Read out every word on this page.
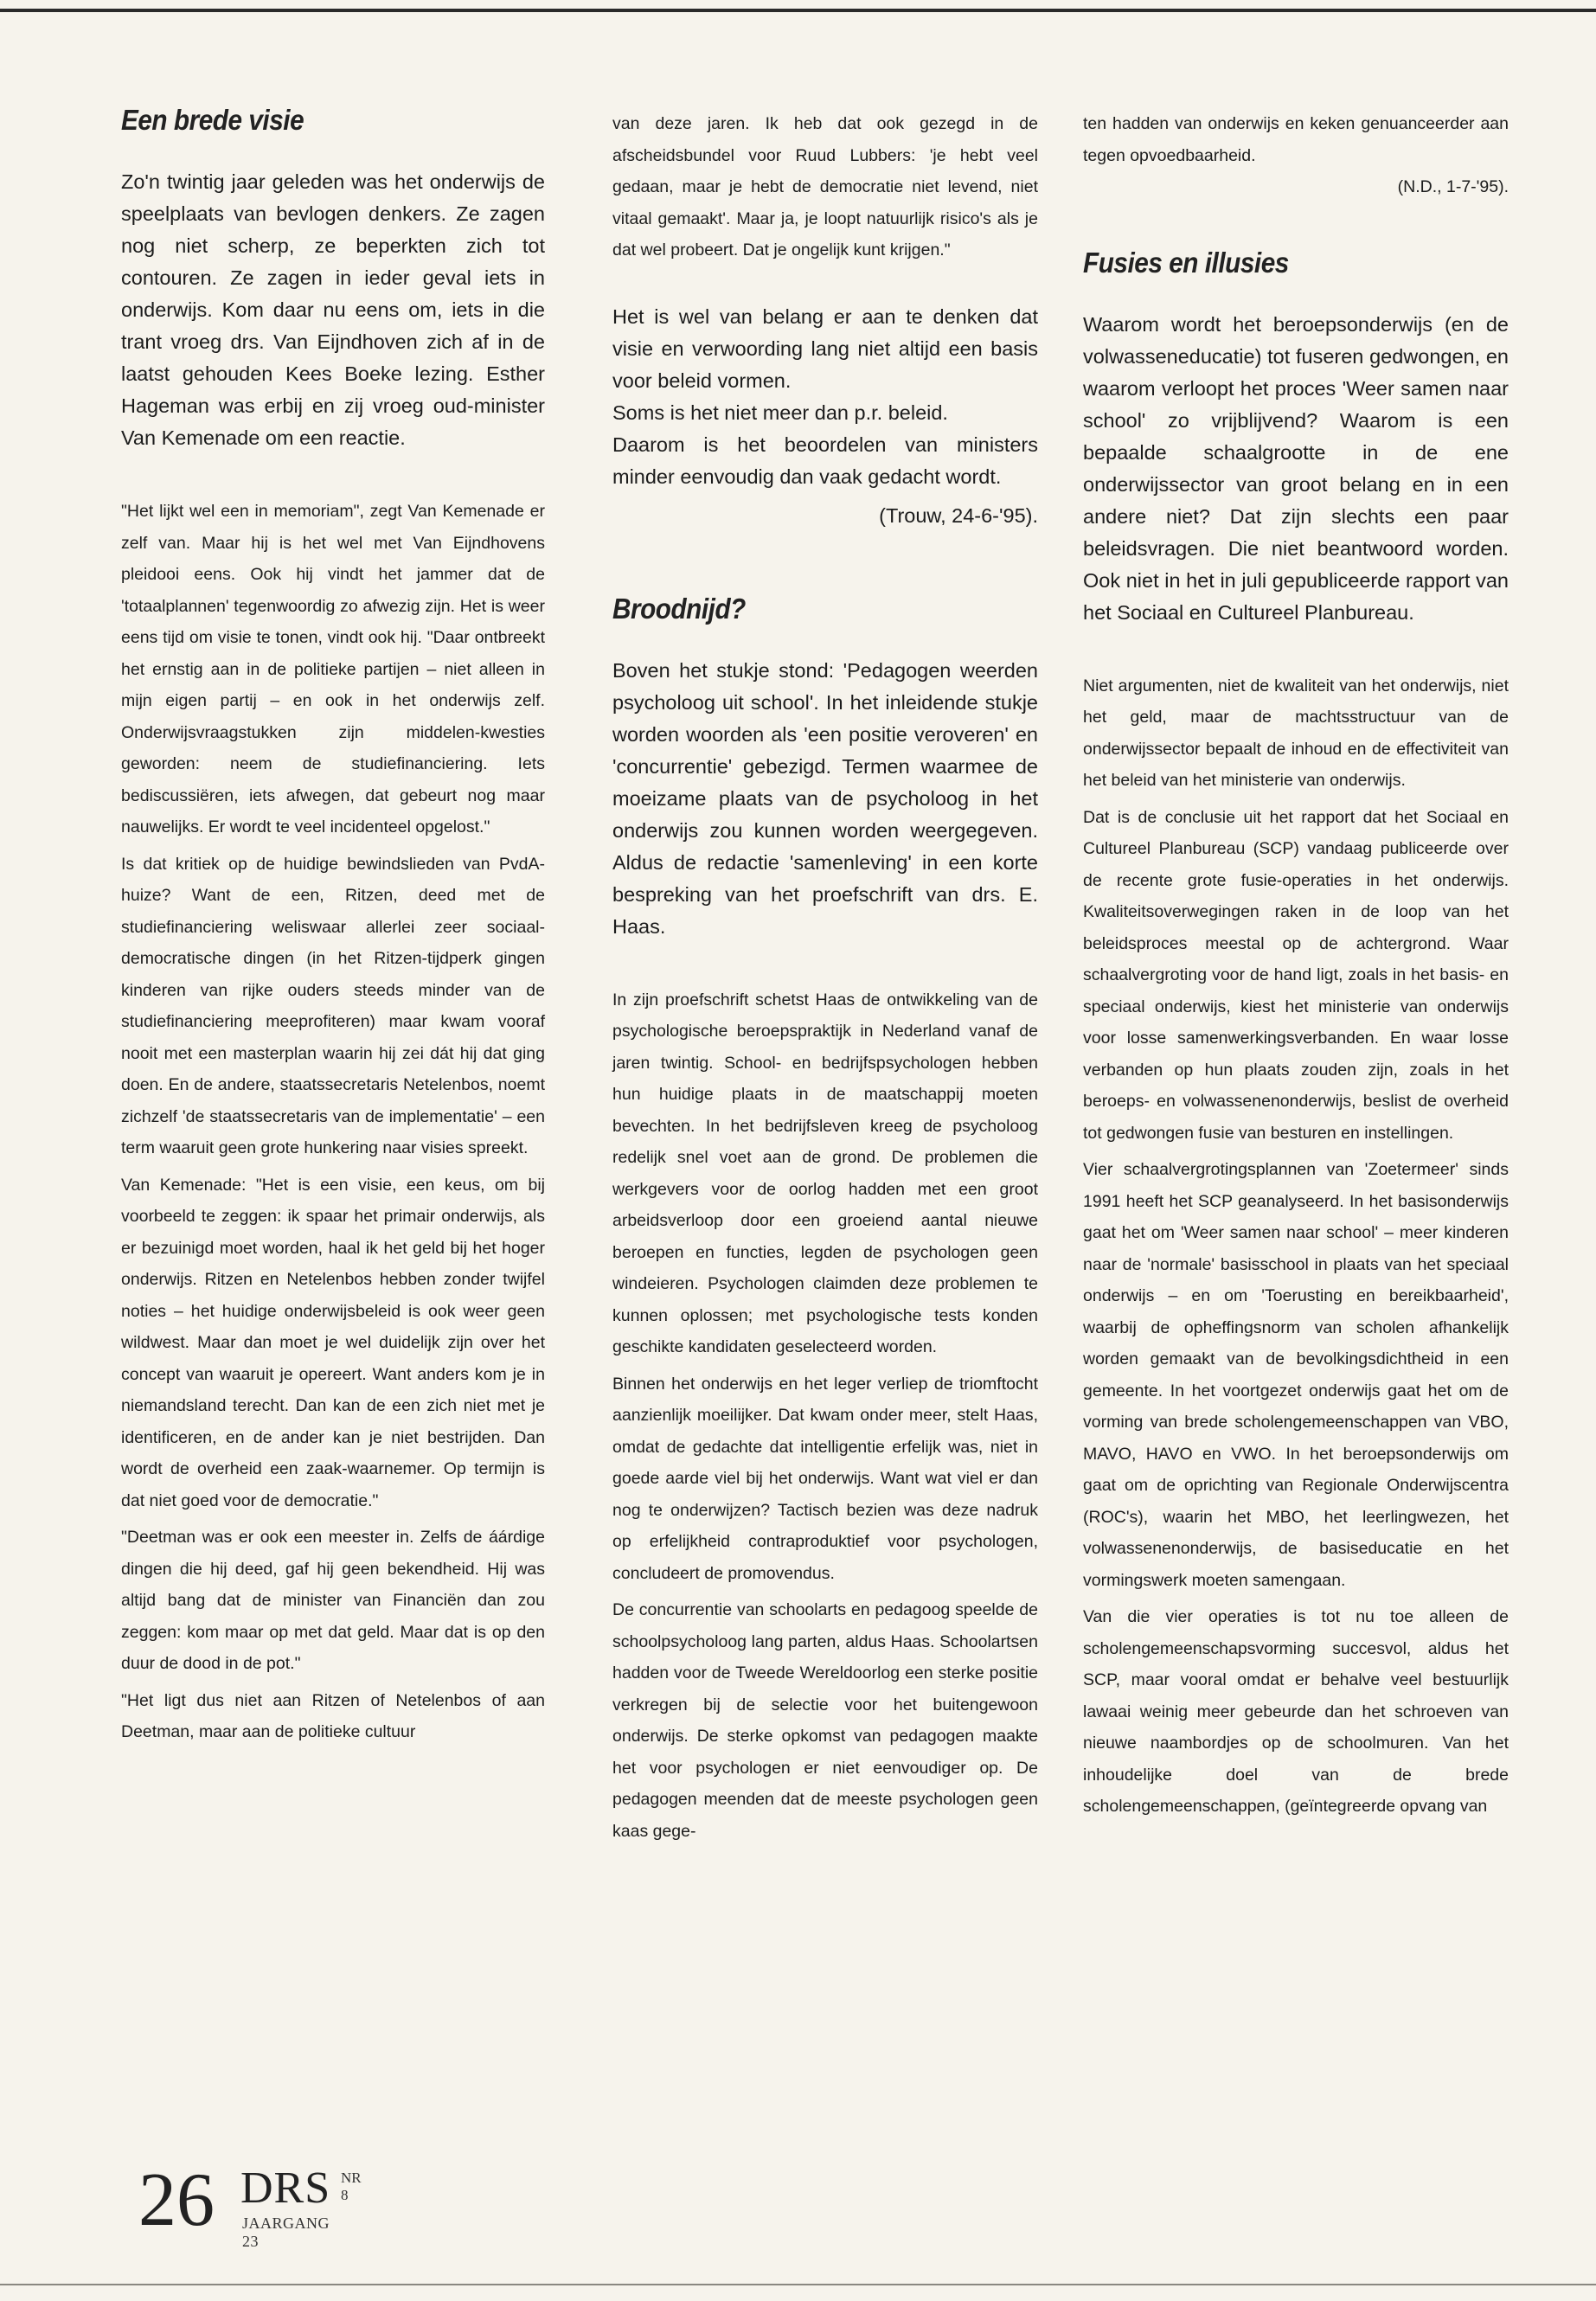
Een brede visie

Zo'n twintig jaar geleden was het onderwijs de speelplaats van bevlogen denkers. Ze zagen nog niet scherp, ze beperkten zich tot contouren. Ze zagen in ieder geval iets in onderwijs. Kom daar nu eens om, iets in die trant vroeg drs. Van Eijndhoven zich af in de laatst gehouden Kees Boeke lezing. Esther Hageman was erbij en zij vroeg oud-minister Van Kemenade om een reactie.

"Het lijkt wel een in memoriam", zegt Van Kemenade er zelf van. Maar hij is het wel met Van Eijndhovens pleidooi eens. Ook hij vindt het jammer dat de 'totaalplannen' tegenwoordig zo afwezig zijn. Het is weer eens tijd om visie te tonen, vindt ook hij. "Daar ontbreekt het ernstig aan in de politieke partijen – niet alleen in mijn eigen partij – en ook in het onderwijs zelf. Onderwijsvraagstukken zijn middelen-kwesties geworden: neem de studiefinanciering. Iets bediscussiëren, iets afwegen, dat gebeurt nog maar nauwelijks. Er wordt te veel incidenteel opgelost."

Is dat kritiek op de huidige bewindslieden van PvdA-huize? Want de een, Ritzen, deed met de studiefinanciering weliswaar allerlei zeer sociaal-democratische dingen (in het Ritzen-tijdperk gingen kinderen van rijke ouders steeds minder van de studiefinanciering meeprofiteren) maar kwam vooraf nooit met een masterplan waarin hij zei dát hij dat ging doen. En de andere, staatssecretaris Netelenbos, noemt zichzelf 'de staatssecretaris van de implementatie' – een term waaruit geen grote hunkering naar visies spreekt.

Van Kemenade: "Het is een visie, een keus, om bij voorbeeld te zeggen: ik spaar het primair onderwijs, als er bezuinigd moet worden, haal ik het geld bij het hoger onderwijs. Ritzen en Netelenbos hebben zonder twijfel noties – het huidige onderwijsbeleid is ook weer geen wildwest. Maar dan moet je wel duidelijk zijn over het concept van waaruit je opereert. Want anders kom je in niemandsland terecht. Dan kan de een zich niet met je identificeren, en de ander kan je niet bestrijden. Dan wordt de overheid een zaak-waarnemer. Op termijn is dat niet goed voor de democratie."

"Deetman was er ook een meester in. Zelfs de áárdige dingen die hij deed, gaf hij geen bekendheid. Hij was altijd bang dat de minister van Financiën dan zou zeggen: kom maar op met dat geld. Maar dat is op den duur de dood in de pot."

"Het ligt dus niet aan Ritzen of Netelenbos of aan Deetman, maar aan de politieke cultuur

van deze jaren. Ik heb dat ook gezegd in de afscheidsbundel voor Ruud Lubbers: 'je hebt veel gedaan, maar je hebt de democratie niet levend, niet vitaal gemaakt'. Maar ja, je loopt natuurlijk risico's als je dat wel probeert. Dat je ongelijk kunt krijgen."

Het is wel van belang er aan te denken dat visie en verwoording lang niet altijd een basis voor beleid vormen.

Soms is het niet meer dan p.r. beleid.

Daarom is het beoordelen van ministers minder eenvoudig dan vaak gedacht wordt.

(Trouw, 24-6-'95).

Broodnijd?

Boven het stukje stond: 'Pedagogen weerden psycholoog uit school'. In het inleidende stukje worden woorden als 'een positie veroveren' en 'concurrentie' gebezigd. Termen waarmee de moeizame plaats van de psycholoog in het onderwijs zou kunnen worden weergegeven. Aldus de redactie 'samenleving' in een korte bespreking van het proefschrift van drs. E. Haas.

In zijn proefschrift schetst Haas de ontwikkeling van de psychologische beroepspraktijk in Nederland vanaf de jaren twintig. School- en bedrijfspsychologen hebben hun huidige plaats in de maatschappij moeten bevechten. In het bedrijfsleven kreeg de psycholoog redelijk snel voet aan de grond. De problemen die werkgevers voor de oorlog hadden met een groot arbeidsverloop door een groeiend aantal nieuwe beroepen en functies, legden de psychologen geen windeieren. Psychologen claimden deze problemen te kunnen oplossen; met psychologische tests konden geschikte kandidaten geselecteerd worden.

Binnen het onderwijs en het leger verliep de triomftocht aanzienlijk moeilijker. Dat kwam onder meer, stelt Haas, omdat de gedachte dat intelligentie erfelijk was, niet in goede aarde viel bij het onderwijs. Want wat viel er dan nog te onderwijzen? Tactisch bezien was deze nadruk op erfelijkheid contraproduktief voor psychologen, concludeert de promovendus.

De concurrentie van schoolarts en pedagoog speelde de schoolpsycholoog lang parten, aldus Haas. Schoolartsen hadden voor de Tweede Wereldoorlog een sterke positie verkregen bij de selectie voor het buitengewoon onderwijs. De sterke opkomst van pedagogen maakte het voor psychologen er niet eenvoudiger op. De pedagogen meenden dat de meeste psychologen geen kaas gege-

ten hadden van onderwijs en keken genuanceerder aan tegen opvoedbaarheid.

(N.D., 1-7-'95).

Fusies en illusies

Waarom wordt het beroepsonderwijs (en de volwasseneducatie) tot fuseren gedwongen, en waarom verloopt het proces 'Weer samen naar school' zo vrijblijvend? Waarom is een bepaalde schaalgrootte in de ene onderwijssector van groot belang en in een andere niet? Dat zijn slechts een paar beleidsvragen. Die niet beantwoord worden. Ook niet in het in juli gepubliceerde rapport van het Sociaal en Cultureel Planbureau.

Niet argumenten, niet de kwaliteit van het onderwijs, niet het geld, maar de machtsstructuur van de onderwijssector bepaalt de inhoud en de effectiviteit van het beleid van het ministerie van onderwijs.

Dat is de conclusie uit het rapport dat het Sociaal en Cultureel Planbureau (SCP) vandaag publiceerde over de recente grote fusie-operaties in het onderwijs. Kwaliteitsoverwegingen raken in de loop van het beleidsproces meestal op de achtergrond. Waar schaalvergroting voor de hand ligt, zoals in het basis- en speciaal onderwijs, kiest het ministerie van onderwijs voor losse samenwerkingsverbanden. En waar losse verbanden op hun plaats zouden zijn, zoals in het beroeps- en volwassenenonderwijs, beslist de overheid tot gedwongen fusie van besturen en instellingen.

Vier schaalvergrotingsplannen van 'Zoetermeer' sinds 1991 heeft het SCP geanalyseerd. In het basisonderwijs gaat het om 'Weer samen naar school' – meer kinderen naar de 'normale' basisschool in plaats van het speciaal onderwijs – en om 'Toerusting en bereikbaarheid', waarbij de opheffingsnorm van scholen afhankelijk worden gemaakt van de bevolkingsdichtheid in een gemeente. In het voortgezet onderwijs gaat het om de vorming van brede scholengemeenschappen van VBO, MAVO, HAVO en VWO. In het beroepsonderwijs om gaat om de oprichting van Regionale Onderwijscentra (ROC's), waarin het MBO, het leerlingwezen, het volwassenenonderwijs, de basiseducatie en het vormingswerk moeten samengaan.

Van die vier operaties is tot nu toe alleen de scholengemeenschapsvorming succesvol, aldus het SCP, maar vooral omdat er behalve veel bestuurlijk lawaai weinig meer gebeurde dan het schroeven van nieuwe naambordjes op de schoolmuren. Van het inhoudelijke doel van de brede scholengemeenschappen, (geïntegreerde opvang van

26 DRS NR 8
JAARGANG 23
